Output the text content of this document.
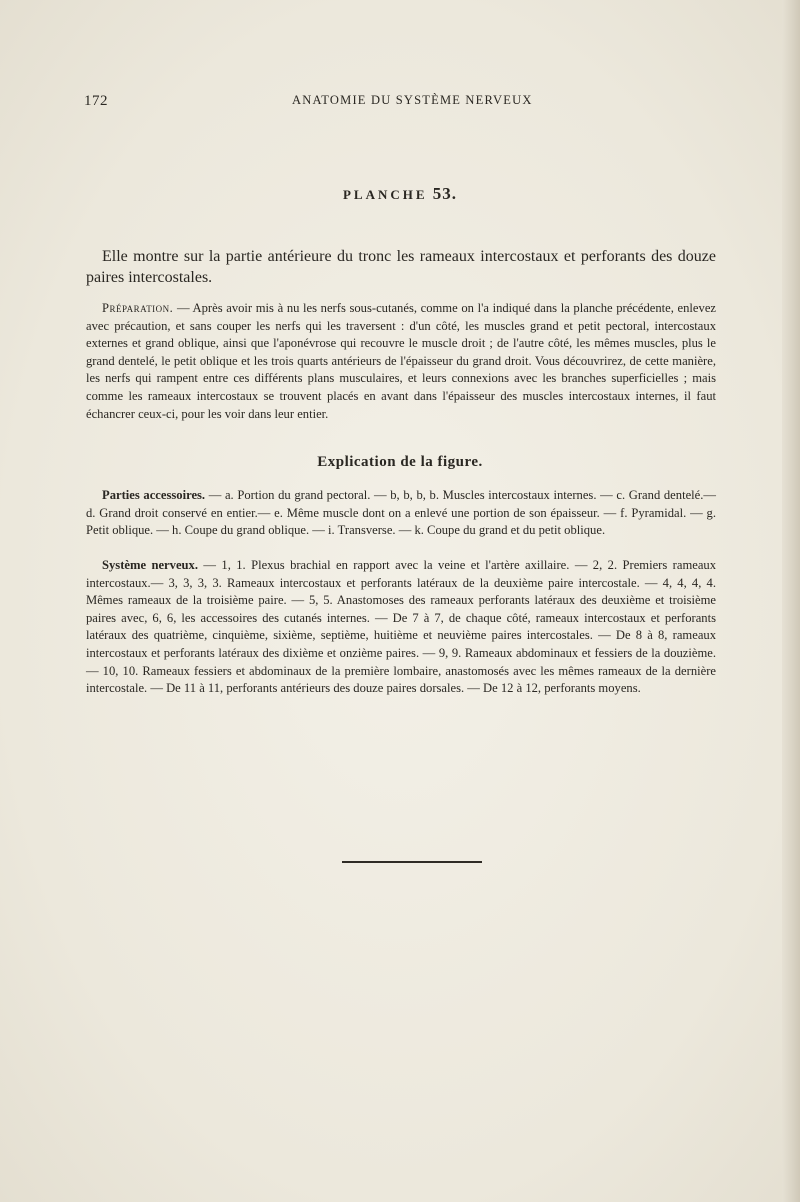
172	ANATOMIE DU SYSTÈME NERVEUX
PLANCHE 53.

Elle montre sur la partie antérieure du tronc les rameaux intercostaux et perforants des douze paires intercostales.

Préparation. — Après avoir mis à nu les nerfs sous-cutanés, comme on l'a indiqué dans la planche précédente, enlevez avec précaution, et sans couper les nerfs qui les traversent : d'un côté, les muscles grand et petit pectoral, intercostaux externes et grand oblique, ainsi que l'aponévrose qui recouvre le muscle droit ; de l'autre côté, les mêmes muscles, plus le grand dentelé, le petit oblique et les trois quarts antérieurs de l'épaisseur du grand droit. Vous découvrirez, de cette manière, les nerfs qui rampent entre ces différents plans musculaires, et leurs connexions avec les branches superficielles ; mais comme les rameaux intercostaux se trouvent placés en avant dans l'épaisseur des muscles intercostaux internes, il faut échancrer ceux-ci, pour les voir dans leur entier.

Explication de la figure.

Parties accessoires. — a. Portion du grand pectoral. — b, b, b, b. Muscles intercostaux internes. — c. Grand dentelé.— d. Grand droit conservé en entier.— e. Même muscle dont on a enlevé une portion de son épaisseur. — f. Pyramidal. — g. Petit oblique. — h. Coupe du grand oblique. — i. Transverse. — k. Coupe du grand et du petit oblique.

Système nerveux. — 1, 1. Plexus brachial en rapport avec la veine et l'artère axillaire. — 2, 2. Premiers rameaux intercostaux.— 3, 3, 3, 3. Rameaux intercostaux et perforants latéraux de la deuxième paire intercostale. — 4, 4, 4, 4. Mêmes rameaux de la troisième paire. — 5, 5. Anastomoses des rameaux perforants latéraux des deuxième et troisième paires avec, 6, 6, les accessoires des cutanés internes. — De 7 à 7, de chaque côté, rameaux intercostaux et perforants latéraux des quatrième, cinquième, sixième, septième, huitième et neuvième paires intercostales. — De 8 à 8, rameaux intercostaux et perforants latéraux des dixième et onzième paires. — 9, 9. Rameaux abdominaux et fessiers de la douzième. — 10, 10. Rameaux fessiers et abdominaux de la première lombaire, anastomosés avec les mêmes rameaux de la dernière intercostale. — De 11 à 11, perforants antérieurs des douze paires dorsales. — De 12 à 12, perforants moyens.
